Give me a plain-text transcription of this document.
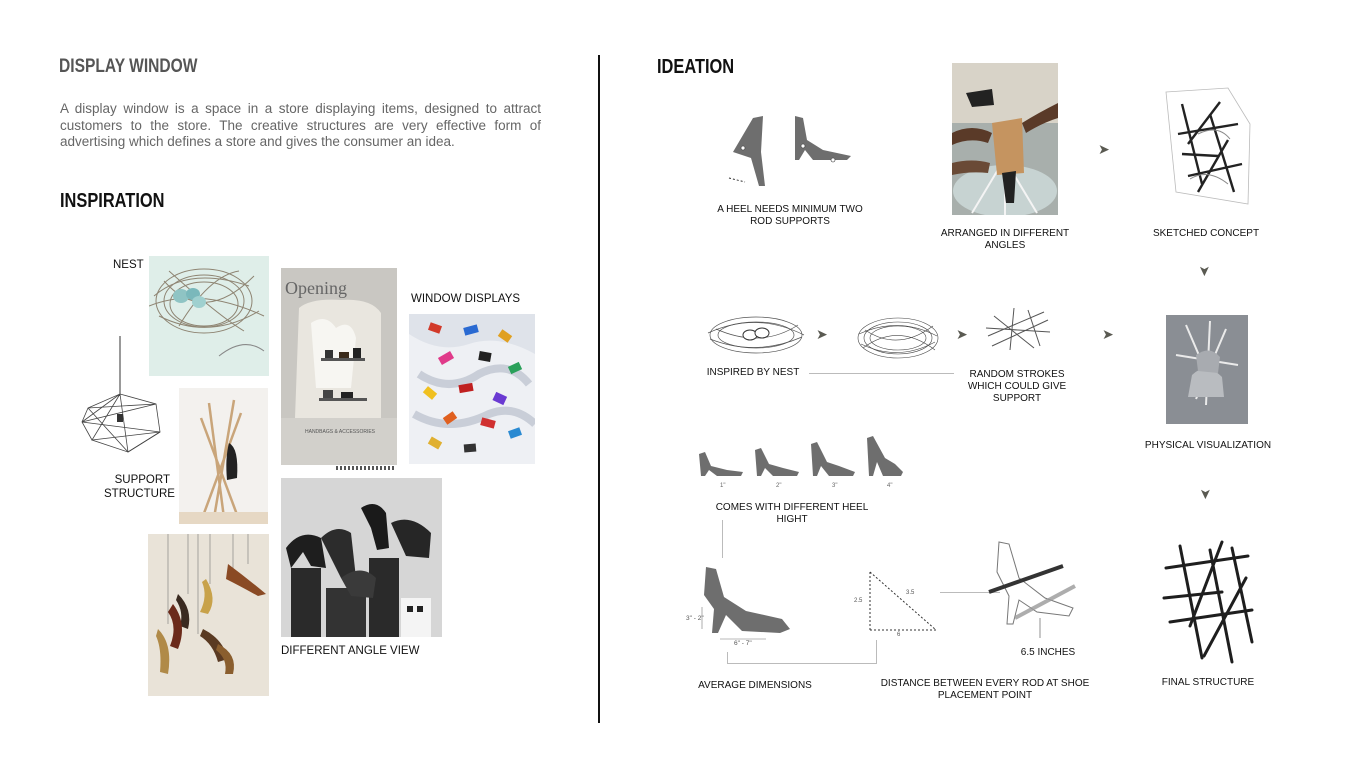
DISPLAY WINDOW
A display window is a space in a store displaying items, designed to attract customers to the store. The creative structures are very effective form of advertising which defines a store and gives the consumer an idea.
INSPIRATION
NEST
SUPPORT
STRUCTURE
Opening
HANDBAGS & ACCESSORIES
WINDOW DISPLAYS
DIFFERENT ANGLE VIEW
IDEATION
A HEEL NEEDS MINIMUM TWO
ROD SUPPORTS
ARRANGED IN DIFFERENT
ANGLES
➤
SKETCHED CONCEPT
➤
➤	➤	➤
INSPIRED BY NEST	RANDOM STROKES
WHICH COULD GIVE
SUPPORT
PHYSICAL VISUALIZATION
➤
1"	2"	3"	4"
COMES WITH DIFFERENT HEEL HIGHT
3" - 2"
6" - 7"
2.5
3.5
6
6.5 INCHES
AVERAGE DIMENSIONS	DISTANCE BETWEEN EVERY ROD AT SHOE
PLACEMENT POINT
FINAL STRUCTURE
